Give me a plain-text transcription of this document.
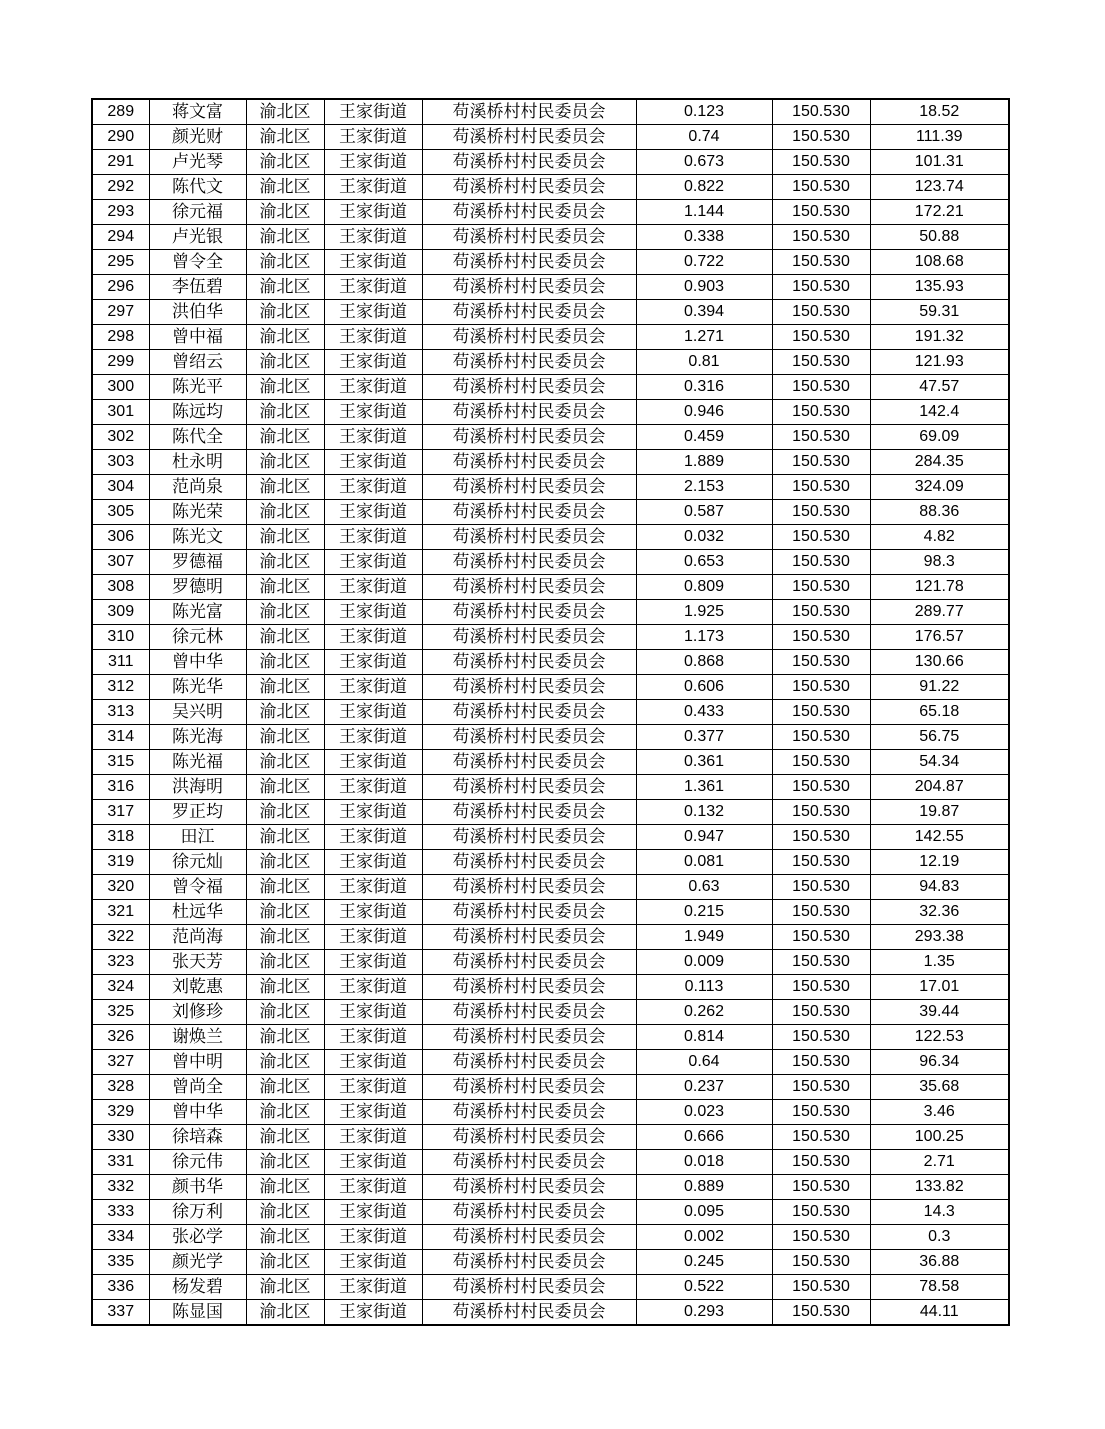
289	蒋文富	渝北区	王家街道	苟溪桥村村民委员会	0.123	150.530	18.52
290	颜光财	渝北区	王家街道	苟溪桥村村民委员会	0.74	150.530	111.39
291	卢光琴	渝北区	王家街道	苟溪桥村村民委员会	0.673	150.530	101.31
292	陈代文	渝北区	王家街道	苟溪桥村村民委员会	0.822	150.530	123.74
293	徐元福	渝北区	王家街道	苟溪桥村村民委员会	1.144	150.530	172.21
294	卢光银	渝北区	王家街道	苟溪桥村村民委员会	0.338	150.530	50.88
295	曾令全	渝北区	王家街道	苟溪桥村村民委员会	0.722	150.530	108.68
296	李伍碧	渝北区	王家街道	苟溪桥村村民委员会	0.903	150.530	135.93
297	洪伯华	渝北区	王家街道	苟溪桥村村民委员会	0.394	150.530	59.31
298	曾中福	渝北区	王家街道	苟溪桥村村民委员会	1.271	150.530	191.32
299	曾绍云	渝北区	王家街道	苟溪桥村村民委员会	0.81	150.530	121.93
300	陈光平	渝北区	王家街道	苟溪桥村村民委员会	0.316	150.530	47.57
301	陈远均	渝北区	王家街道	苟溪桥村村民委员会	0.946	150.530	142.4
302	陈代全	渝北区	王家街道	苟溪桥村村民委员会	0.459	150.530	69.09
303	杜永明	渝北区	王家街道	苟溪桥村村民委员会	1.889	150.530	284.35
304	范尚泉	渝北区	王家街道	苟溪桥村村民委员会	2.153	150.530	324.09
305	陈光荣	渝北区	王家街道	苟溪桥村村民委员会	0.587	150.530	88.36
306	陈光文	渝北区	王家街道	苟溪桥村村民委员会	0.032	150.530	4.82
307	罗德福	渝北区	王家街道	苟溪桥村村民委员会	0.653	150.530	98.3
308	罗德明	渝北区	王家街道	苟溪桥村村民委员会	0.809	150.530	121.78
309	陈光富	渝北区	王家街道	苟溪桥村村民委员会	1.925	150.530	289.77
310	徐元林	渝北区	王家街道	苟溪桥村村民委员会	1.173	150.530	176.57
311	曾中华	渝北区	王家街道	苟溪桥村村民委员会	0.868	150.530	130.66
312	陈光华	渝北区	王家街道	苟溪桥村村民委员会	0.606	150.530	91.22
313	吴兴明	渝北区	王家街道	苟溪桥村村民委员会	0.433	150.530	65.18
314	陈光海	渝北区	王家街道	苟溪桥村村民委员会	0.377	150.530	56.75
315	陈光福	渝北区	王家街道	苟溪桥村村民委员会	0.361	150.530	54.34
316	洪海明	渝北区	王家街道	苟溪桥村村民委员会	1.361	150.530	204.87
317	罗正均	渝北区	王家街道	苟溪桥村村民委员会	0.132	150.530	19.87
318	田江	渝北区	王家街道	苟溪桥村村民委员会	0.947	150.530	142.55
319	徐元灿	渝北区	王家街道	苟溪桥村村民委员会	0.081	150.530	12.19
320	曾令福	渝北区	王家街道	苟溪桥村村民委员会	0.63	150.530	94.83
321	杜远华	渝北区	王家街道	苟溪桥村村民委员会	0.215	150.530	32.36
322	范尚海	渝北区	王家街道	苟溪桥村村民委员会	1.949	150.530	293.38
323	张天芳	渝北区	王家街道	苟溪桥村村民委员会	0.009	150.530	1.35
324	刘乾惠	渝北区	王家街道	苟溪桥村村民委员会	0.113	150.530	17.01
325	刘修珍	渝北区	王家街道	苟溪桥村村民委员会	0.262	150.530	39.44
326	谢焕兰	渝北区	王家街道	苟溪桥村村民委员会	0.814	150.530	122.53
327	曾中明	渝北区	王家街道	苟溪桥村村民委员会	0.64	150.530	96.34
328	曾尚全	渝北区	王家街道	苟溪桥村村民委员会	0.237	150.530	35.68
329	曾中华	渝北区	王家街道	苟溪桥村村民委员会	0.023	150.530	3.46
330	徐培森	渝北区	王家街道	苟溪桥村村民委员会	0.666	150.530	100.25
331	徐元伟	渝北区	王家街道	苟溪桥村村民委员会	0.018	150.530	2.71
332	颜书华	渝北区	王家街道	苟溪桥村村民委员会	0.889	150.530	133.82
333	徐万利	渝北区	王家街道	苟溪桥村村民委员会	0.095	150.530	14.3
334	张必学	渝北区	王家街道	苟溪桥村村民委员会	0.002	150.530	0.3
335	颜光学	渝北区	王家街道	苟溪桥村村民委员会	0.245	150.530	36.88
336	杨发碧	渝北区	王家街道	苟溪桥村村民委员会	0.522	150.530	78.58
337	陈显国	渝北区	王家街道	苟溪桥村村民委员会	0.293	150.530	44.11
